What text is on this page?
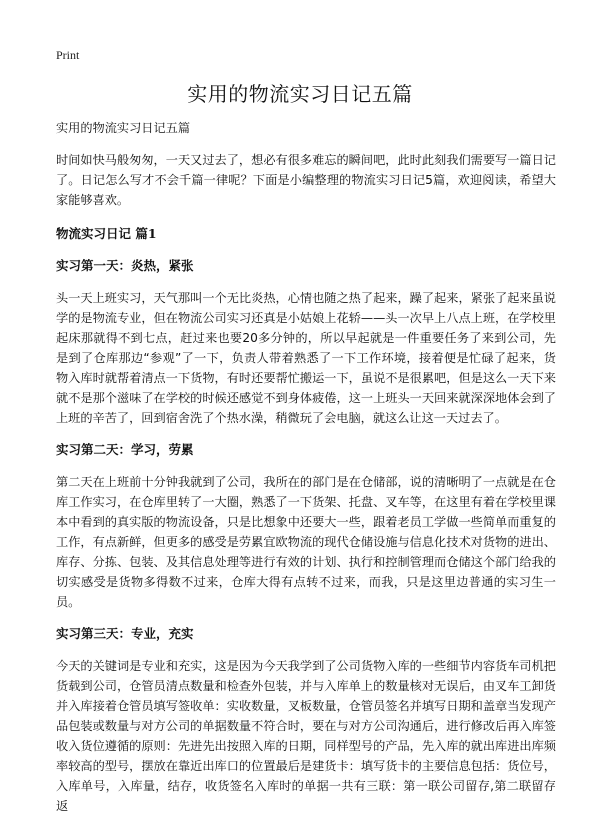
Print
实用的物流实习日记五篇

实用的物流实习日记五篇

时间如快马般匆匆，一天又过去了，想必有很多难忘的瞬间吧，此时此刻我们需要写一篇日记了。日记怎么写才不会千篇一律呢？下面是小编整理的物流实习日记5篇，欢迎阅读，希望大家能够喜欢。

物流实习日记 篇1

实习第一天：炎热，紧张

头一天上班实习，天气那叫一个无比炎热，心情也随之热了起来，躁了起来，紧张了起来虽说学的是物流专业，但在物流公司实习还真是小姑娘上花轿——头一次早上八点上班，在学校里起床那就得不到七点，赶过来也要20多分钟的，所以早起就是一件重要任务了来到公司，先是到了仓库那边“参观”了一下，负责人带着熟悉了一下工作环境，接着便是忙碌了起来，货物入库时就帮着清点一下货物，有时还要帮忙搬运一下，虽说不是很累吧，但是这么一天下来就不是那个滋味了在学校的时候还感觉不到身体疲倦，这一上班头一天回来就深深地体会到了上班的辛苦了，回到宿舍洗了个热水澡，稍微玩了会电脑，就这么让这一天过去了。

实习第二天：学习，劳累

第二天在上班前十分钟我就到了公司，我所在的部门是在仓储部，说的清晰明了一点就是在仓库工作实习，在仓库里转了一大圈，熟悉了一下货架、托盘、叉车等，在这里有着在学校里课本中看到的真实版的物流设备，只是比想象中还要大一些，跟着老员工学做一些简单而重复的工作，有点新鲜，但更多的感受是劳累宜欧物流的现代仓储设施与信息化技术对货物的进出、库存、分拣、包装、及其信息处理等进行有效的计划、执行和控制管理而仓储这个部门给我的切实感受是货物多得数不过来，仓库大得有点转不过来，而我，只是这里边普通的实习生一员。

实习第三天：专业，充实

今天的关键词是专业和充实，这是因为今天我学到了公司货物入库的一些细节内容货车司机把货载到公司，仓管员清点数量和检查外包装，并与入库单上的数量核对无误后，由叉车工卸货并入库接着仓管员填写签收单：实收数量，叉板数量，仓管员签名并填写日期和盖章当发现产品包装或数量与对方公司的单据数量不符合时，要在与对方公司沟通后，进行修改后再入库签收入货位遵循的原则：先进先出按照入库的日期，同样型号的产品，先入库的就出库进出库频率较高的型号，摆放在靠近出库口的位置最后是建货卡：填写货卡的主要信息包括：货位号，入库单号，入库量，结存，收货签名入库时的单据一共有三联：第一联公司留存,第二联留存返
